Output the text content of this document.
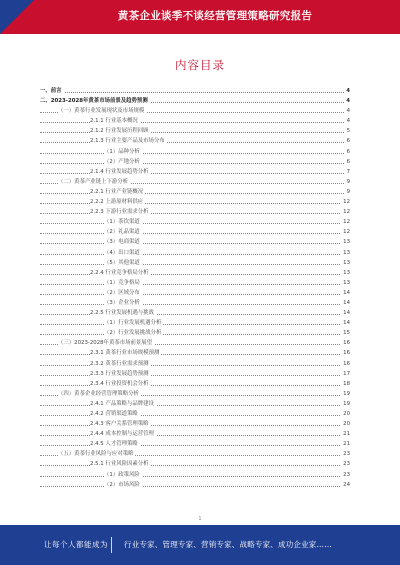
黄茶企业谈季不谈经营管理策略研究报告
内容目录
一、前言	4
二、2023-2028年黄茶市场前景及趋势预测	4
（一）黄茶行业发展现状及市场规模	4
2.1.1 行业基本概况	4
2.1.2 行业发展历程回顾	5
2.1.3 行业主要产品及市场分布	6
（1）品种分析	6
（2）产地分析	6
2.1.4 行业发展趋势分析	7
（二）黄茶产业链上下游分析	9
2.2.1 行业产业链概况	9
2.2.2 上游原材料供应	12
2.2.3 下游行业需求分析	12
（1）茶饮渠道	12
（2）礼品渠道	12
（3）电商渠道	13
（4）出口渠道	13
（5）其他渠道	13
2.2.4 行业竞争格局分析	13
（1）竞争格局	13
（2）区域分布	14
（3）企业分析	14
2.2.5 行业发展机遇与挑战	14
（1）行业发展机遇分析	14
（2）行业发展挑战分析	15
（三）2023-2028年黄茶市场前景展望	16
2.3.1 黄茶行业市场规模预测	16
2.3.2 黄茶行业需求预测	16
2.3.3 行业发展趋势预测	17
2.3.4 行业投资机会分析	18
（四）黄茶企业经营管理策略分析	19
2.4.1 产品策略与品牌建设	19
2.4.2 营销渠道策略	20
2.4.3 客户关系管理策略	20
2.4.4 成本控制与运营管理	21
2.4.5 人才管理策略	21
（五）黄茶行业风险与应对策略	23
2.5.1 行业风险因素分析	23
（1）政策风险	23
（2）市场风险	24
1
让每个人都能成为 行业专家、管理专家、营销专家、战略专家、成功企业家……
